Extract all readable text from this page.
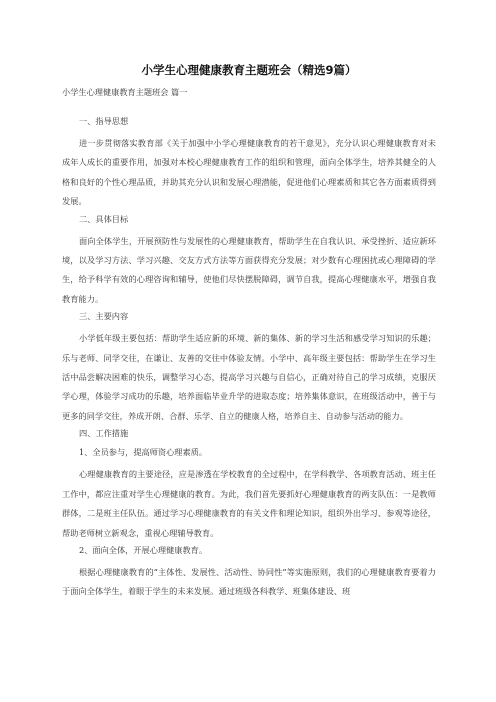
小学生心理健康教育主题班会（精选9篇）
小学生心理健康教育主题班会 篇一
一、指导思想

进一步贯彻落实教育部《关于加强中小学心理健康教育的若干意见》，充分认识心理健康教育对未成年人成长的重要作用，加强对本校心理健康教育工作的组织和管理，面向全体学生，培养其健全的人格和良好的个性心理品质，并助其充分认识和发展心理潜能，促进他们心理素质和其它各方面素质得到发展。

二、具体目标

面向全体学生，开展预防性与发展性的心理健康教育，帮助学生在自我认识、承受挫折、适应新环境，以及学习方法、学习兴趣、交友方式方法等方面获得充分发展；对少数有心理困扰或心理障碍的学生，给予科学有效的心理咨询和辅导，使他们尽快摆脱障碍，调节自我，提高心理健康水平，增强自我教育能力。

三、主要内容

小学低年级主要包括：帮助学生适应新的环境、新的集体、新的学习生活和感受学习知识的乐趣；乐与老师、同学交往，在谦让、友善的交往中体验友情。小学中、高年级主要包括：帮助学生在学习生活中品尝解决困难的快乐，调整学习心态，提高学习兴趣与自信心，正确对待自己的学习成绩，克服厌学心理，体验学习成功的乐趣，培养面临毕业升学的进取态度；培养集体意识，在班级活动中，善于与更多的同学交往，养成开朗、合群、乐学、自立的健康人格，培养自主、自动参与活动的能力。

四、工作措施
1、全员参与，提高师资心理素质。

心理健康教育的主要途径，应是渗透在学校教育的全过程中，在学科教学、各项教育活动、班主任工作中，都应注重对学生心理健康的教育。为此，我们首先要抓好心理健康教育的两支队伍：一是教师群体，二是班主任队伍。通过学习心理健康教育的有关文件和理论知识，组织外出学习、参观等途径，帮助老师树立新观念，重视心理辅导教育。

2、面向全体，开展心理健康教育。

根据心理健康教育的“主体性、发展性、活动性、协同性”等实施原则，我们的心理健康教育要着力于面向全体学生，着眼于学生的未来发展。通过班级各科教学、班集体建设、班
